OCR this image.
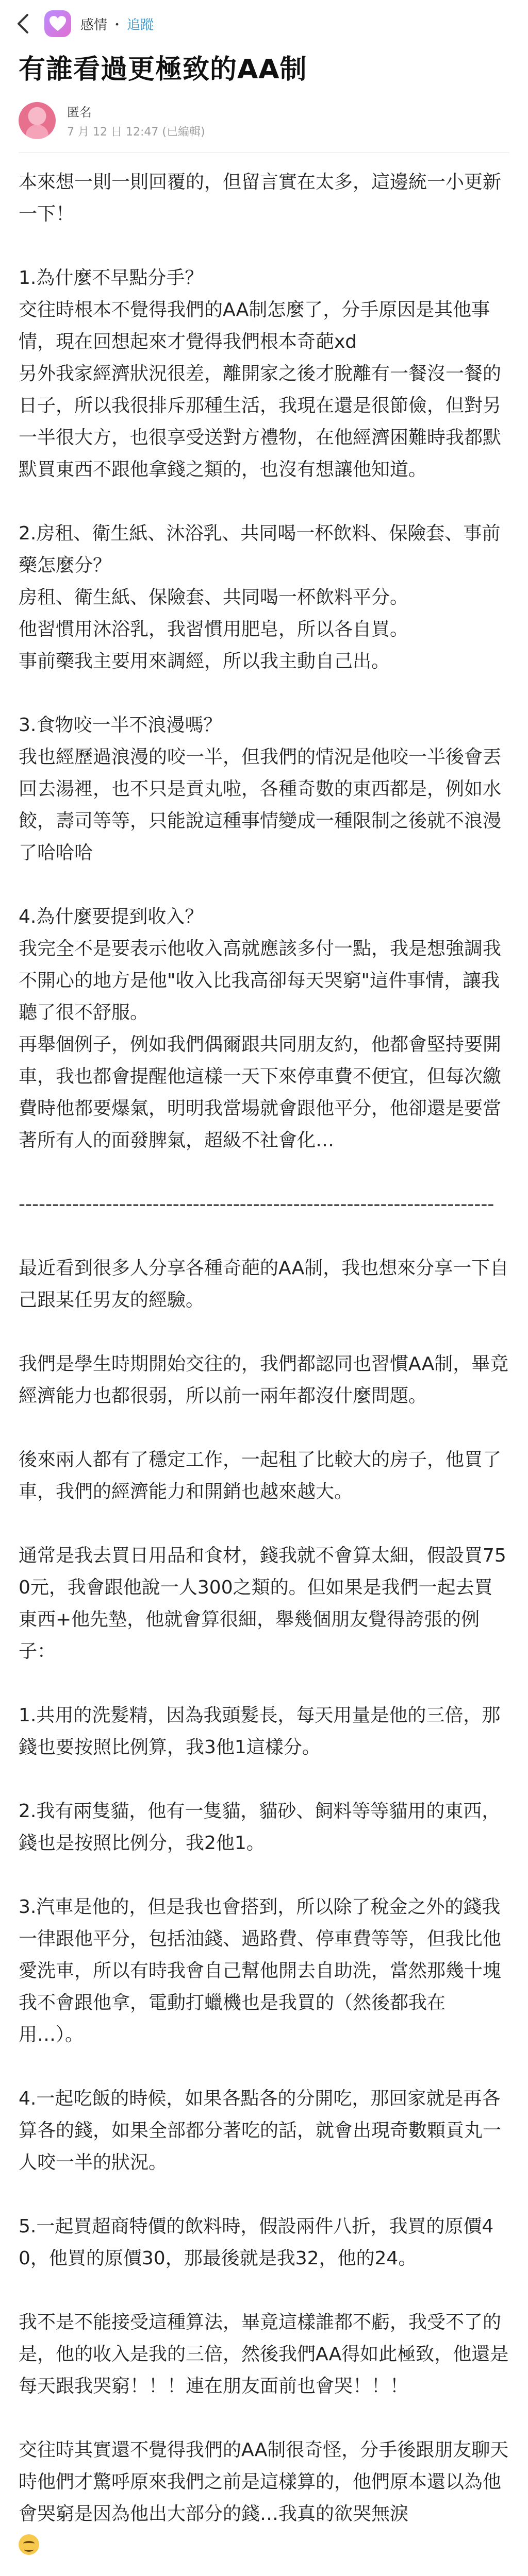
感情 ・ 追蹤
有誰看過更極致的AA制
匿名
7 月 12 日 12:47 (已編輯)

本來想一則一則回覆的，但留言實在太多，這邊統一小更新一下！

1.為什麼不早點分手？
交往時根本不覺得我們的AA制怎麼了，分手原因是其他事情，現在回想起來才覺得我們根本奇葩xd
另外我家經濟狀況很差，離開家之後才脫離有一餐沒一餐的日子，所以我很排斥那種生活，我現在還是很節儉，但對另一半很大方，也很享受送對方禮物，在他經濟困難時我都默默買東西不跟他拿錢之類的，也沒有想讓他知道。

2.房租、衛生紙、沐浴乳、共同喝一杯飲料、保險套、事前藥怎麼分？
房租、衛生紙、保險套、共同喝一杯飲料平分。
他習慣用沐浴乳，我習慣用肥皂，所以各自買。
事前藥我主要用來調經，所以我主動自己出。

3.食物咬一半不浪漫嗎？
我也經歷過浪漫的咬一半，但我們的情況是他咬一半後會丟回去湯裡，也不只是貢丸啦，各種奇數的東西都是，例如水餃，壽司等等，只能說這種事情變成一種限制之後就不浪漫了哈哈哈

4.為什麼要提到收入？
我完全不是要表示他收入高就應該多付一點，我是想強調我不開心的地方是他"收入比我高卻每天哭窮"這件事情，讓我聽了很不舒服。
再舉個例子，例如我們偶爾跟共同朋友約，他都會堅持要開車，我也都會提醒他這樣一天下來停車費不便宜，但每次繳費時他都要爆氣，明明我當場就會跟他平分，他卻還是要當著所有人的面發脾氣，超級不社會化…

-----------------------------------------------------------------------

最近看到很多人分享各種奇葩的AA制，我也想來分享一下自己跟某任男友的經驗。

我們是學生時期開始交往的，我們都認同也習慣AA制，畢竟經濟能力也都很弱，所以前一兩年都沒什麼問題。

後來兩人都有了穩定工作，一起租了比較大的房子，他買了車，我們的經濟能力和開銷也越來越大。

通常是我去買日用品和食材，錢我就不會算太細，假設買750元，我會跟他說一人300之類的。但如果是我們一起去買東西+他先墊，他就會算很細，舉幾個朋友覺得誇張的例子：

1.共用的洗髮精，因為我頭髮長，每天用量是他的三倍，那錢也要按照比例算，我3他1這樣分。

2.我有兩隻貓，他有一隻貓，貓砂、飼料等等貓用的東西，錢也是按照比例分，我2他1。

3.汽車是他的，但是我也會搭到，所以除了稅金之外的錢我一律跟他平分，包括油錢、過路費、停車費等等，但我比他愛洗車，所以有時我會自己幫他開去自助洗，當然那幾十塊我不會跟他拿，電動打蠟機也是我買的（然後都我在用…）。

4.一起吃飯的時候，如果各點各的分開吃，那回家就是再各算各的錢，如果全部都分著吃的話，就會出現奇數顆貢丸一人咬一半的狀況。

5.一起買超商特價的飲料時，假設兩件八折，我買的原價40，他買的原價30，那最後就是我32，他的24。

我不是不能接受這種算法，畢竟這樣誰都不虧，我受不了的是，他的收入是我的三倍，然後我們AA得如此極致，他還是每天跟我哭窮！！！連在朋友面前也會哭！！！

交往時其實還不覺得我們的AA制很奇怪，分手後跟朋友聊天時他們才驚呼原來我們之前是這樣算的，他們原本還以為他會哭窮是因為他出大部分的錢…我真的欲哭無淚
